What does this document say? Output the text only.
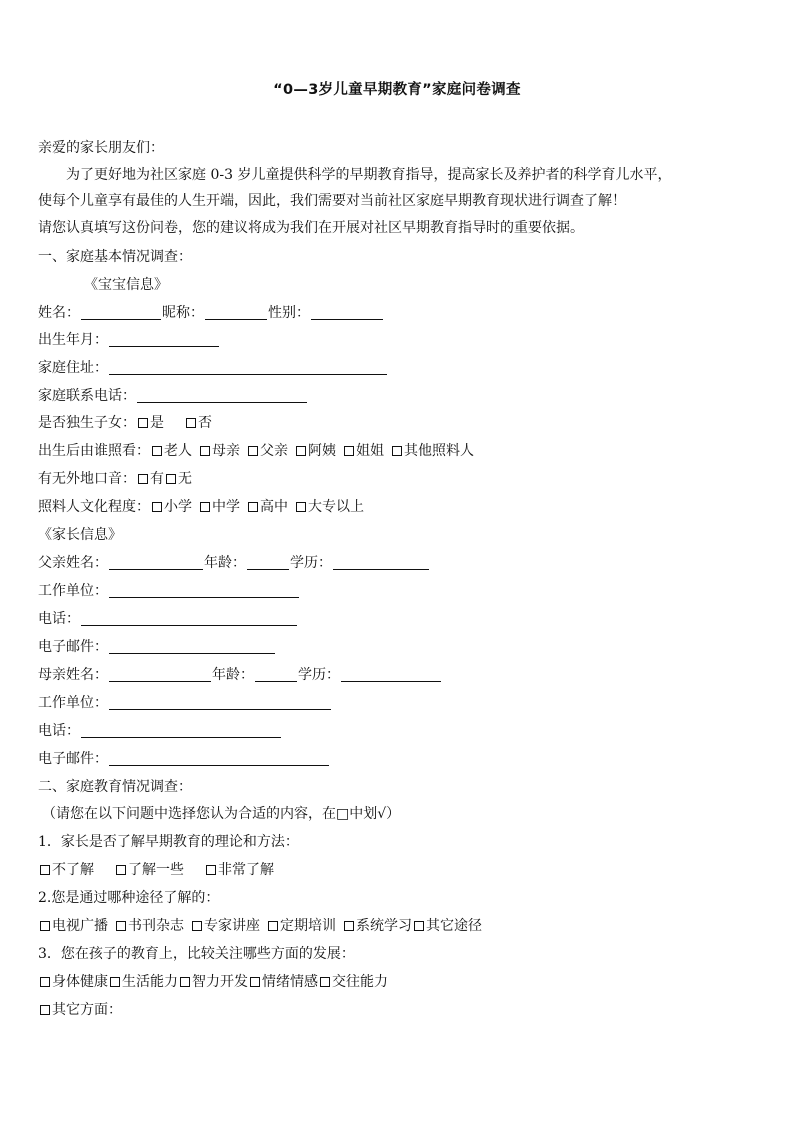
“0—3岁儿童早期教育”家庭问卷调查
亲爱的家长朋友们：
为了更好地为社区家庭 0-3 岁儿童提供科学的早期教育指导，提高家长及养护者的科学育儿水平，
使每个儿童享有最佳的人生开端，因此，我们需要对当前社区家庭早期教育现状进行调查了解！
请您认真填写这份问卷，您的建议将成为我们在开展对社区早期教育指导时的重要依据。
一、家庭基本情况调查：
《宝宝信息》
姓名：	昵称：	性别：
出生年月：
家庭住址：
家庭联系电话：
是否独生子女： 是 否
出生后由谁照看： 老人 母亲 父亲 阿姨 姐姐 其他照料人
有无外地口音： 有 无
照料人文化程度： 小学 中学 高中 大专以上
《家长信息》
父亲姓名：	年龄：	学历：
工作单位：
电话：
电子邮件：
母亲姓名：	年龄：	学历：
工作单位：
电话：
电子邮件：
二、家庭教育情况调查：
（请您在以下问题中选择您认为合适的内容，在□中划√）
1．家长是否了解早期教育的理论和方法：
不了解 了解一些 非常了解
2.您是通过哪种途径了解的：
电视广播 书刊杂志 专家讲座 定期培训 系统学习 其它途径
3．您在孩子的教育上，比较关注哪些方面的发展：
身体健康 生活能力 智力开发 情绪情感 交往能力
其它方面：
